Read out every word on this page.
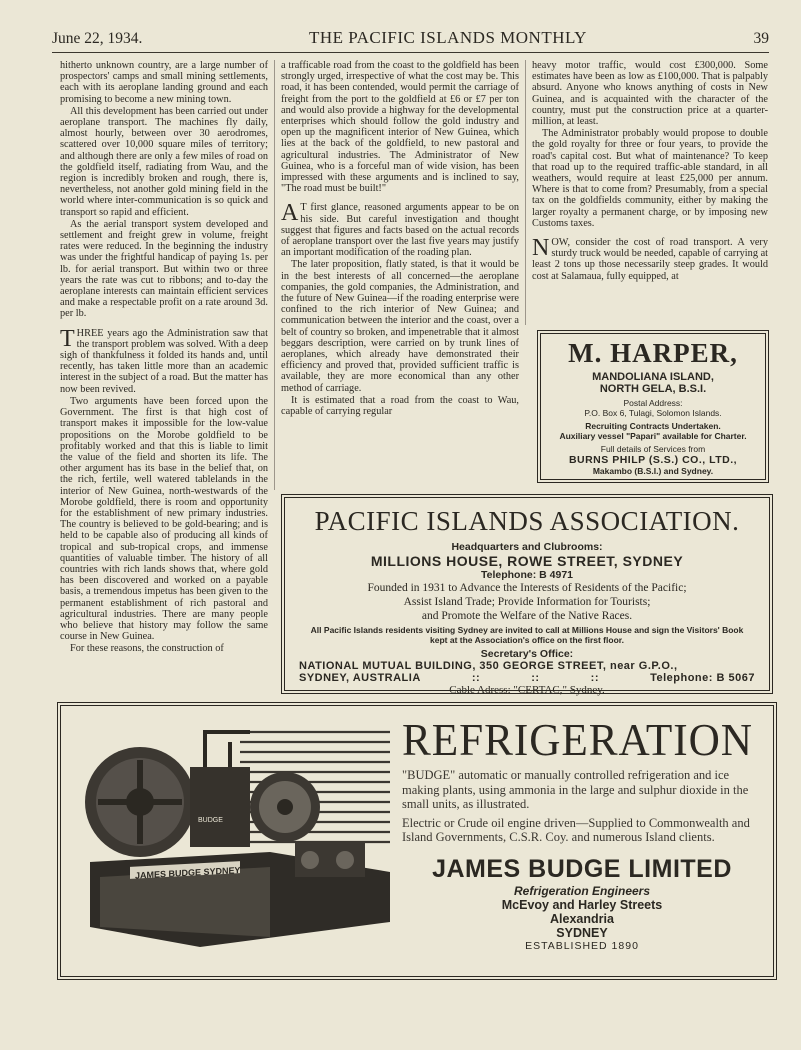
June 22, 1934.	THE PACIFIC ISLANDS MONTHLY	39

hitherto unknown country, are a large number of prospectors' camps and small mining settlements, each with its aeroplane landing ground and each promising to become a new mining town.

All this development has been carried out under aeroplane transport. The machines fly daily, almost hourly, between over 30 aerodromes, scattered over 10,000 square miles of territory; and although there are only a few miles of road on the goldfield itself, radiating from Wau, and the region is incredibly broken and rough, there is, nevertheless, not another gold mining field in the world where inter-communication is so quick and transport so rapid and efficient.

As the aerial transport system developed and settlement and freight grew in volume, freight rates were reduced. In the beginning the industry was under the frightful handicap of paying 1s. per lb. for aerial transport. But within two or three years the rate was cut to ribbons; and to-day the aeroplane interests can maintain efficient services and make a respectable profit on a rate around 3d. per lb.

THREE years ago the Administration saw that the transport problem was solved. With a deep sigh of thankfulness it folded its hands and, until recently, has taken little more than an academic interest in the subject of a road. But the matter has now been revived.

Two arguments have been forced upon the Government. The first is that high cost of transport makes it impossible for the low-value propositions on the Morobe goldfield to be profitably worked and that this is liable to limit the value of the field and shorten its life. The other argument has its base in the belief that, on the rich, fertile, well watered tablelands in the interior of New Guinea, north-westwards of the Morobe goldfield, there is room and opportunity for the establishment of new primary industries. The country is believed to be gold-bearing; and is held to be capable also of producing all kinds of tropical and sub-tropical crops, and immense quantities of valuable timber. The history of all countries with rich lands shows that, where gold has been discovered and worked on a payable basis, a tremendous impetus has been given to the permanent establishment of rich pastoral and agricultural industries. There are many people who believe that history may follow the same course in New Guinea.

For these reasons, the construction of

a trafficable road from the coast to the goldfield has been strongly urged, irrespective of what the cost may be. This road, it has been contended, would permit the carriage of freight from the port to the goldfield at £6 or £7 per ton and would also provide a highway for the developmental enterprises which should follow the gold industry and open up the magnificent interior of New Guinea, which lies at the back of the goldfield, to new pastoral and agricultural industries. The Administrator of New Guinea, who is a forceful man of wide vision, has been impressed with these arguments and is inclined to say, "The road must be built!"

A T first glance, reasoned arguments appear to be on his side. But careful investigation and thought suggest that figures and facts based on the actual records of aeroplane transport over the last five years may justify an important modification of the roading plan.

The later proposition, flatly stated, is that it would be in the best interests of all concerned—the aeroplane companies, the gold companies, the Administration, and the future of New Guinea—if the roading enterprise were confined to the rich interior of New Guinea; and communication between the interior and the coast, over a belt of country so broken, and impenetrable that it almost beggars description, were carried on by trunk lines of aeroplanes, which already have demonstrated their efficiency and proved that, provided sufficient traffic is available, they are more economical than any other method of carriage.

It is estimated that a road from the coast to Wau, capable of carrying regular

heavy motor traffic, would cost £300,000. Some estimates have been as low as £100,000. That is palpably absurd. Anyone who knows anything of costs in New Guinea, and is acquainted with the character of the country, must put the construction price at a quarter-million, at least.

The Administrator probably would propose to double the gold royalty for three or four years, to provide the road's capital cost. But what of maintenance? To keep that road up to the required traffic-able standard, in all weathers, would require at least £25,000 per annum. Where is that to come from? Presumably, from a special tax on the goldfields community, either by making the larger royalty a permanent charge, or by imposing new Customs taxes.

NOW, consider the cost of road transport. A very sturdy truck would be needed, capable of carrying at least 2 tons up those necessarily steep grades. It would cost at Salamaua, fully equipped, at

M. HARPER,
MANDOLIANA ISLAND,
NORTH GELA, B.S.I.
Postal Address:
P.O. Box 6, Tulagi, Solomon Islands.
Recruiting Contracts Undertaken.
Auxiliary vessel "Papari" available for Charter.
Full details of Services from
BURNS PHILP (S.S.) CO., LTD.,
Makambo (B.S.I.) and Sydney.
PACIFIC ISLANDS ASSOCIATION.
Headquarters and Clubrooms:
MILLIONS HOUSE, ROWE STREET, SYDNEY
Telephone: B 4971
Founded in 1931 to Advance the Interests of Residents of the Pacific;
Assist Island Trade; Provide Information for Tourists;
and Promote the Welfare of the Native Races.
All Pacific Islands residents visiting Sydney are invited to call at Millions House and sign the Visitors' Book kept at the Association's office on the first floor.
Secretary's Office:
NATIONAL MUTUAL BUILDING, 350 GEORGE STREET, near G.P.O.,
SYDNEY, AUSTRALIA	::	::	::	Telephone: B 5067
Cable Adress: "CERTAC," Sydney.
JAMES BUDGE SYDNEY
BUDGE
REFRIGERATION
"BUDGE" automatic or manually controlled refrigeration and ice making plants, using ammonia in the large and sulphur dioxide in the small units, as illustrated.
Electric or Crude oil engine driven—Supplied to Commonwealth and Island Governments, C.S.R. Coy. and numerous Island clients.
JAMES BUDGE LIMITED
Refrigeration Engineers
McEvoy and Harley Streets
Alexandria
SYDNEY
ESTABLISHED 1890
